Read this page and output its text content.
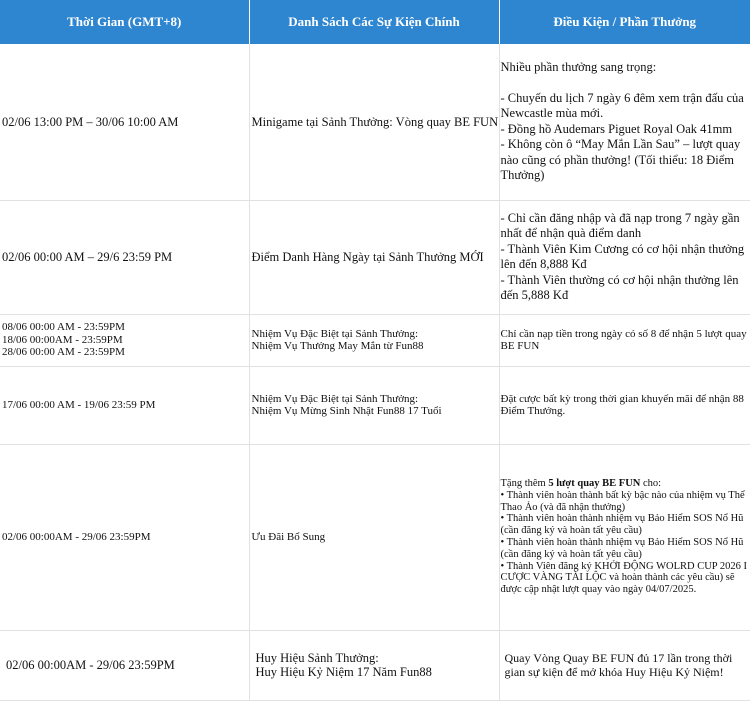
Thời Gian (GMT+8)	Danh Sách Các Sự Kiện Chính	Điều Kiện / Phần Thưởng

02/06 13:00 PM – 30/06 10:00 AM	Minigame tại Sảnh Thưởng: Vòng quay BE FUN	Nhiều phần thưởng sang trọng:

- Chuyến du lịch 7 ngày 6 đêm xem trận đấu của Newcastle mùa mới.
- Đồng hồ Audemars Piguet Royal Oak 41mm
- Không còn ô “May Mắn Lần Sau” – lượt quay nào cũng có phần thưởng! (Tối thiểu: 18 Điểm Thưởng)

02/06 00:00 AM – 29/6 23:59 PM	Điểm Danh Hàng Ngày tại Sảnh Thưởng MỚI	- Chỉ cần đăng nhập và đã nạp trong 7 ngày gần nhất để nhận quà điểm danh
- Thành Viên Kim Cương có cơ hội nhận thưởng lên đến 8,888 Kđ
- Thành Viên thường có cơ hội nhận thưởng lên đến 5,888 Kđ

08/06 00:00 AM - 23:59PM
18/06 00:00AM - 23:59PM
28/06 00:00 AM - 23:59PM	Nhiệm Vụ Đặc Biệt tại Sảnh Thưởng:
Nhiệm Vụ Thưởng May Mắn từ Fun88	Chỉ cần nạp tiền trong ngày có số 8 để nhận 5 lượt quay BE FUN

17/06 00:00 AM - 19/06 23:59 PM	Nhiệm Vụ Đặc Biệt tại Sảnh Thưởng:
Nhiệm Vụ Mừng Sinh Nhật Fun88 17 Tuổi	Đặt cược bất kỳ trong thời gian khuyến mãi để nhận 88 Điểm Thưởng.

02/06 00:00AM - 29/06 23:59PM	Ưu Đãi Bổ Sung	Tặng thêm 5 lượt quay BE FUN cho:
• Thành viên hoàn thành bất kỳ bậc nào của nhiệm vụ Thể Thao Ảo (và đã nhận thưởng)
• Thành viên hoàn thành nhiệm vụ Bảo Hiểm SOS Nổ Hũ (cần đăng ký và hoàn tất yêu cầu)
• Thành viên hoàn thành nhiệm vụ Bảo Hiểm SOS Nổ Hũ (cần đăng ký và hoàn tất yêu cầu)
• Thành Viên đăng ký KHỞI ĐỘNG WOLRD CUP 2026 I CƯỢC VÀNG TÀI LỘC và hoàn thành các yêu cầu) sẽ được cập nhật lượt quay vào ngày 04/07/2025.

02/06 00:00AM - 29/06 23:59PM	Huy Hiệu Sảnh Thưởng:
Huy Hiệu Kỷ Niệm 17 Năm Fun88	Quay Vòng Quay BE FUN đủ 17 lần trong thời gian sự kiện để mở khóa Huy Hiệu Kỷ Niệm!
